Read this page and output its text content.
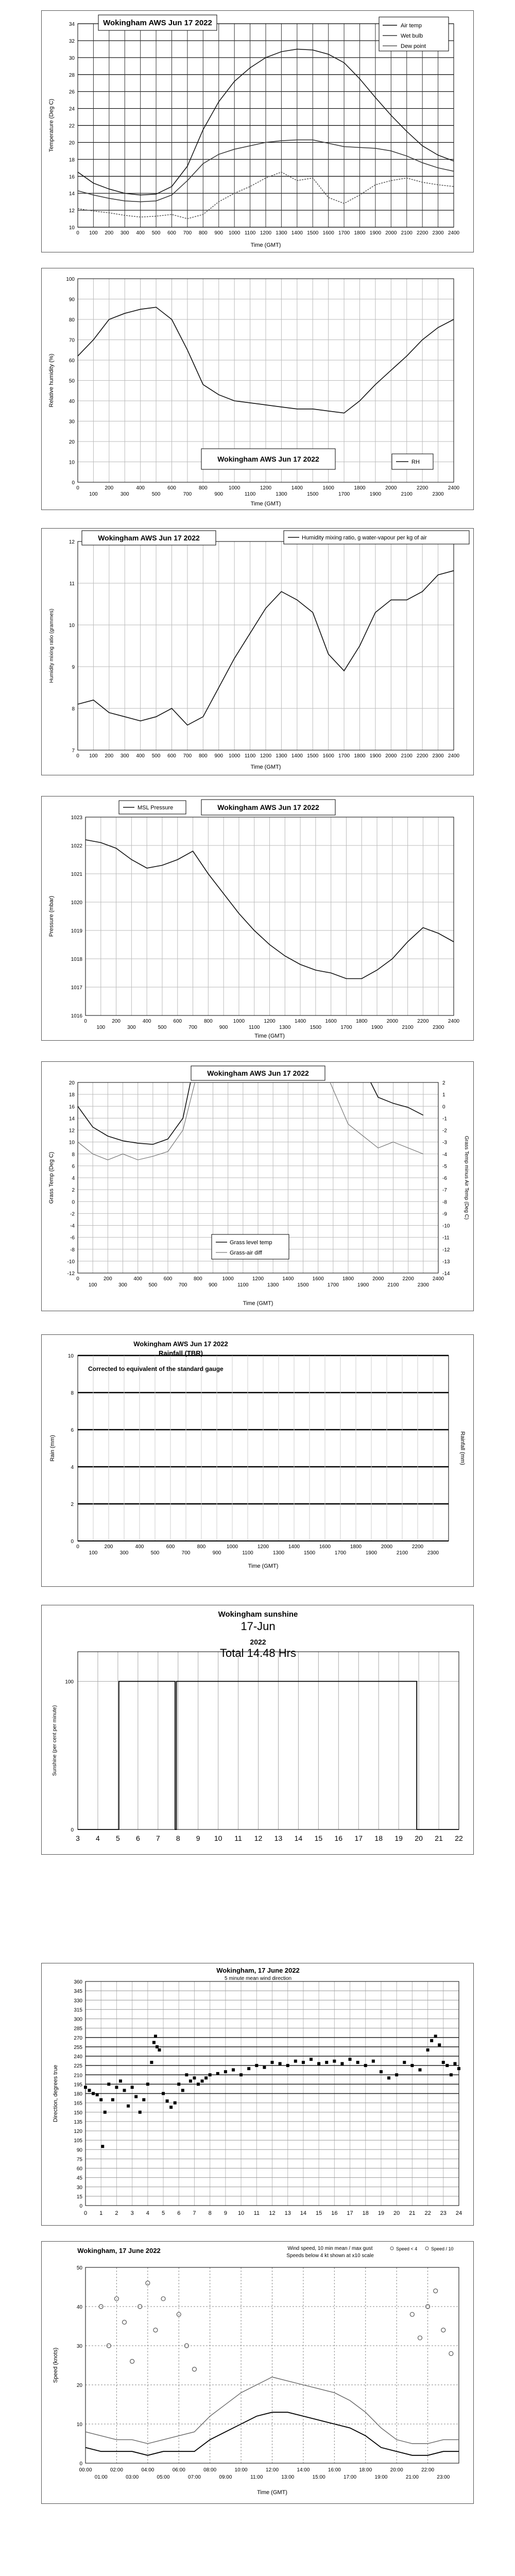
10
12
14
16
18
20
22
24
26
28
30
32
34
0 100 200 300 400 500 600 700 800 900 1000 1100 1200 1300 1400 1500 1600 1700 1800 1900 2000 2100 2200 2300 2400
Wokingham AWS Jun 17 2022	Air temp
Wet bulb
Dew point
Temperature (Deg C)
Time (GMT)
0
10
20
30
40
50
60
70
80
90
100
0
100
200
300
400
500
600
700
800
900
1000
1100
1200
1300
1400
1500
1600
1700
1800
1900
2000
2100
2200
2300
2400
Wokingham AWS Jun 17 2022	RH
Relative humidity (%)
Time (GMT)
7
8
9
10
11
12
0 100 200 300 400 500 600 700 800 900 1000 1100 1200 1300 1400 1500 1600 1700 1800 1900 2000 2100 2200 2300 2400
Wokingham AWS Jun 17 2022	Humidity mixing ratio, g water-vapour per kg of air
Humidity mixing ratio (grammes)
Time (GMT)
1016
1017
1018
1019
1020
1021
1022
1023
0
100
200
300
400
500
600
700
800
900
1000
1100
1200
1300
1400
1500
1600
1700
1800
1900
2000
2100
2200
2300
2400
MSL Pressure	Wokingham AWS Jun 17 2022
Pressure (mbar)
Time (GMT)
-12
-10
-8
-6
-4
-2
0
2
4
6
8
10
12
14
16
18
20
-14
-13
-12
-11
-10
-9
-8
-7
-6
-5
-4
-3
-2
-1
0
1
2
0
100
200
300
400
500
600
700
800
900
1000
1100
1200
1300
1400
1500
1600
1700
1800
1900
2000
2100
2200
2300
2400
Wokingham AWS Jun 17 2022
Grass level temp
Grass-air diff
Grass Temp (Deg C)	Grass Temp minus Air Temp (Deg C)
Time (GMT)
0
2
4
6
8
10
0
100
200
300
400
500
600
700
800
900
1000
1100
1200
1300
1400
1500
1600
1700
1800
1900
2000
2100
2200
2300
Wokingham AWS Jun 17 2022
Rainfall (TBR)
Corrected to equivalent of the standard gauge
Rain (mm)	Rainfall (mm)
Time (GMT)
3 4 5 6 7 8 9 10 11 12 13 14 15 16 17 18 19 20 21 22
0
100
Wokingham sunshine
17-Jun
2022
Total 14.48 Hrs
Sunshine (per cent per minute)
0 1 2 3 4 5 6 7 8 9 10 11 12 13 14 15 16 17 18 19 20 21 22 23 24
0
15
30
45
60
75
90
105
120
135
150
165
180
195
210
225
240
255
270
285
300
315
330
345
360
Wokingham, 17 June 2022
5 minute mean wind direction
Direction, degrees true
0
10
20
30
40
50
00:00	02:00	04:00	06:00	08:00	10:00	12:00	14:00	16:00	18:00	20:00	22:00
01:00	03:00	05:00	07:00	09:00	11:00	13:00	15:00	17:00	19:00	21:00	23:00
Wokingham, 17 June 2022	Wind speed, 10 min mean / max gust
Speeds below 4 kt shown at x10 scale
Speed < 4	Speed / 10
Speed (knots)
Time (GMT)
